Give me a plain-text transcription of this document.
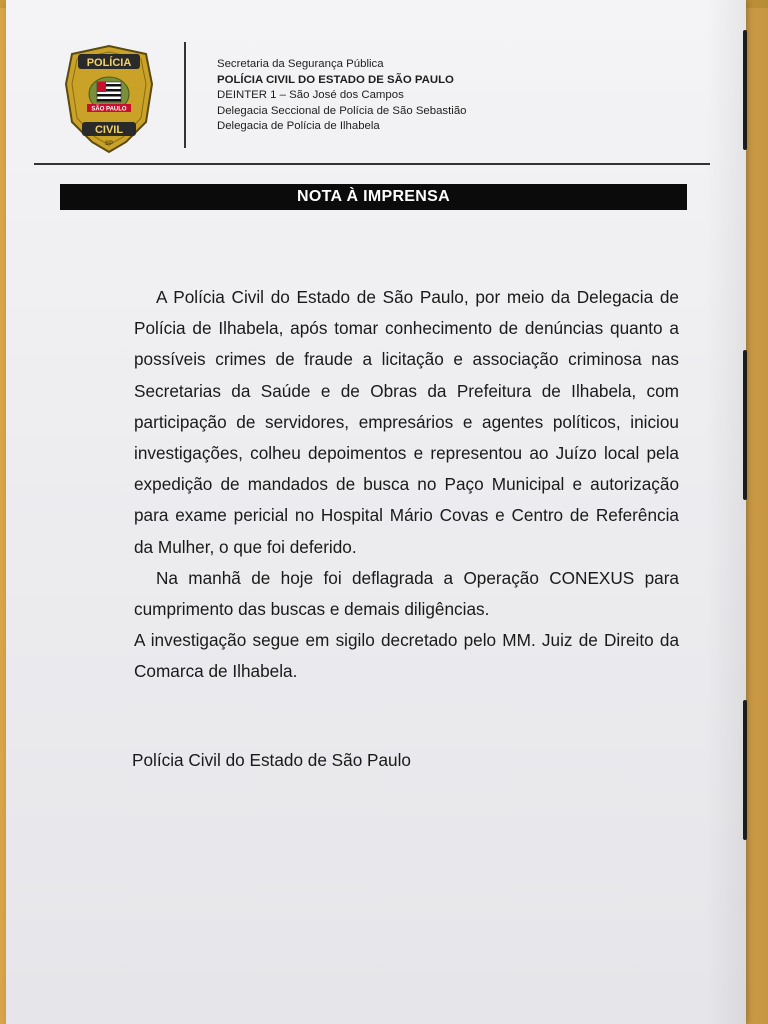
POLÍCIA
SÃO PAULO
CIVIL
SP
Secretaria da Segurança Pública
POLÍCIA CIVIL DO ESTADO DE SÃO PAULO
DEINTER 1 – São José dos Campos
Delegacia Seccional de Polícia de São Sebastião
Delegacia de Polícia de Ilhabela
NOTA À IMPRENSA

A Polícia Civil do Estado de São Paulo, por meio da Delegacia de Polícia de Ilhabela, após tomar conhecimento de denúncias quanto a possíveis crimes de fraude a licitação e associação criminosa nas Secretarias da Saúde e de Obras da Prefeitura de Ilhabela, com participação de servidores, empresários e agentes políticos, iniciou investigações, colheu depoimentos e representou ao Juízo local pela expedição de mandados de busca no Paço Municipal e autorização para exame pericial no Hospital Mário Covas e Centro de Referência da Mulher, o que foi deferido.

Na manhã de hoje foi deflagrada a Operação CONEXUS para cumprimento das buscas e demais diligências.

A investigação segue em sigilo decretado pelo MM. Juiz de Direito da Comarca de Ilhabela.

Polícia Civil do Estado de São Paulo
